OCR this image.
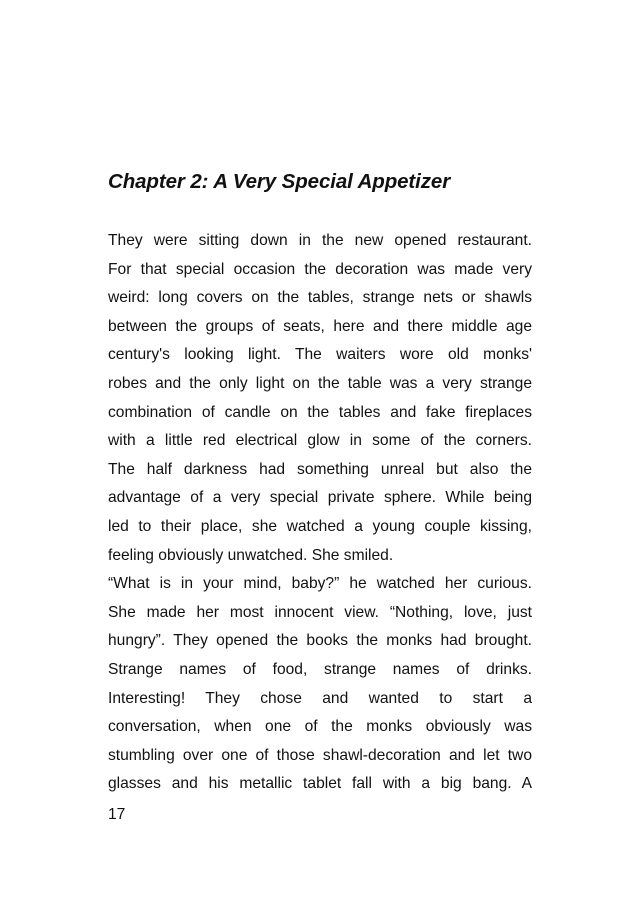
Chapter 2: A Very Special Appetizer
They were sitting down in the new opened restaurant.
For that special occasion the decoration was made very
weird: long covers on the tables, strange nets or shawls
between the groups of seats, here and there middle age
century's looking light. The waiters wore old monks'
robes and the only light on the table was a very strange
combination of candle on the tables and fake fireplaces
with a little red electrical glow in some of the corners.
The half darkness had something unreal but also the
advantage of a very special private sphere. While being
led to their place, she watched a young couple kissing,
feeling obviously unwatched. She smiled.
“What is in your mind, baby?” he watched her curious.
She made her most innocent view. “Nothing, love, just
hungry”. They opened the books the monks had brought.
Strange names of food, strange names of drinks.
Interesting! They chose and wanted to start a
conversation, when one of the monks obviously was
stumbling over one of those shawl-decoration and let two
glasses and his metallic tablet fall with a big bang. A
17
